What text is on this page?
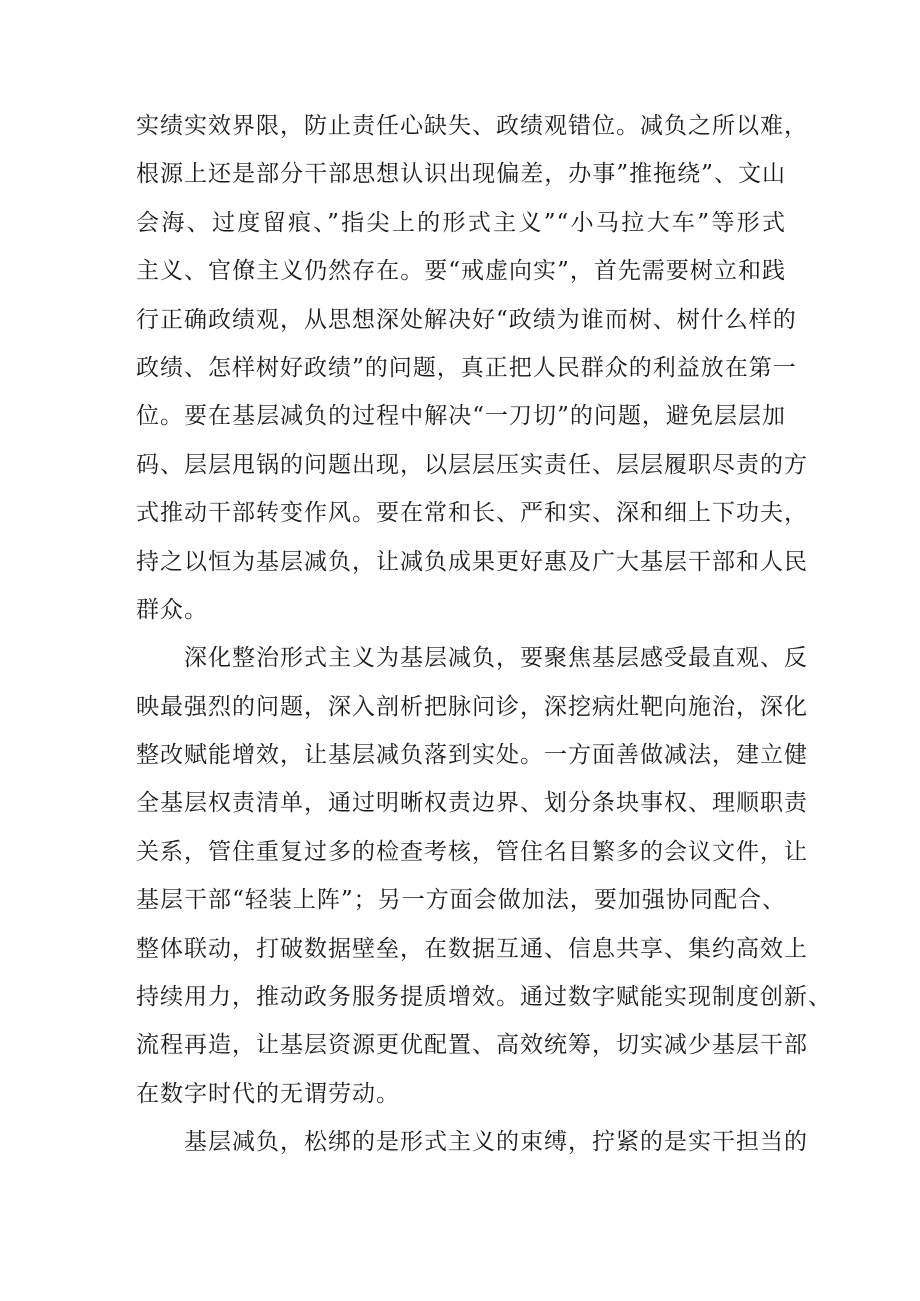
实绩实效界限，防止责任心缺失、政绩观错位。减负之所以难，
根源上还是部分干部思想认识出现偏差，办事”推拖绕”、文山
会海、过度留痕、”指尖上的形式主义”“小马拉大车”等形式
主义、官僚主义仍然存在。要“戒虚向实”，首先需要树立和践
行正确政绩观，从思想深处解决好“政绩为谁而树、树什么样的
政绩、怎样树好政绩”的问题，真正把人民群众的利益放在第一
位。要在基层减负的过程中解决“一刀切”的问题，避免层层加
码、层层甩锅的问题出现，以层层压实责任、层层履职尽责的方
式推动干部转变作风。要在常和长、严和实、深和细上下功夫，
持之以恒为基层减负，让减负成果更好惠及广大基层干部和人民
群众。
深化整治形式主义为基层减负，要聚焦基层感受最直观、反
映最强烈的问题，深入剖析把脉问诊，深挖病灶靶向施治，深化
整改赋能增效，让基层减负落到实处。一方面善做减法，建立健
全基层权责清单，通过明晰权责边界、划分条块事权、理顺职责
关系，管住重复过多的检查考核，管住名目繁多的会议文件，让
基层干部“轻装上阵”；另一方面会做加法，要加强协同配合、
整体联动，打破数据壁垒，在数据互通、信息共享、集约高效上
持续用力，推动政务服务提质增效。通过数字赋能实现制度创新、
流程再造，让基层资源更优配置、高效统筹，切实减少基层干部
在数字时代的无谓劳动。
基层减负，松绑的是形式主义的束缚，拧紧的是实干担当的
